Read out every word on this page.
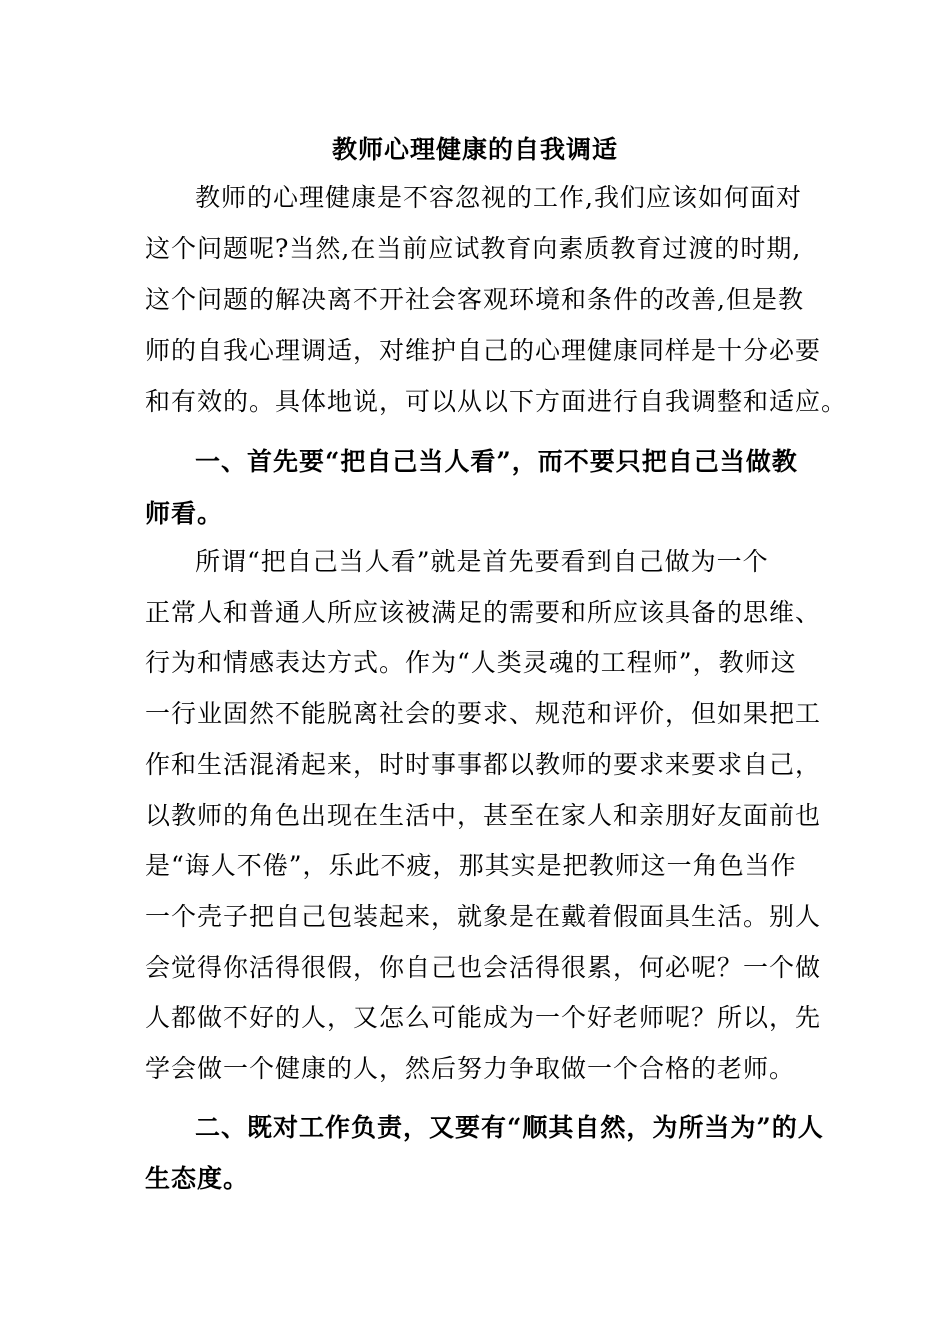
教师心理健康的自我调适
教师的心理健康是不容忽视的工作,我们应该如何面对
这个问题呢?当然,在当前应试教育向素质教育过渡的时期,
这个问题的解决离不开社会客观环境和条件的改善,但是教
师的自我心理调适，对维护自己的心理健康同样是十分必要
和有效的。具体地说，可以从以下方面进行自我调整和适应。
一、首先要“把自己当人看”，而不要只把自己当做教
师看。
所谓“把自己当人看”就是首先要看到自己做为一个
正常人和普通人所应该被满足的需要和所应该具备的思维、
行为和情感表达方式。作为“人类灵魂的工程师”，教师这
一行业固然不能脱离社会的要求、规范和评价，但如果把工
作和生活混淆起来，时时事事都以教师的要求来要求自己，
以教师的角色出现在生活中，甚至在家人和亲朋好友面前也
是“诲人不倦”，乐此不疲，那其实是把教师这一角色当作
一个壳子把自己包装起来，就象是在戴着假面具生活。别人
会觉得你活得很假，你自己也会活得很累，何必呢？一个做
人都做不好的人，又怎么可能成为一个好老师呢？所以，先
学会做一个健康的人，然后努力争取做一个合格的老师。
二、既对工作负责，又要有“顺其自然，为所当为”的人
生态度。
